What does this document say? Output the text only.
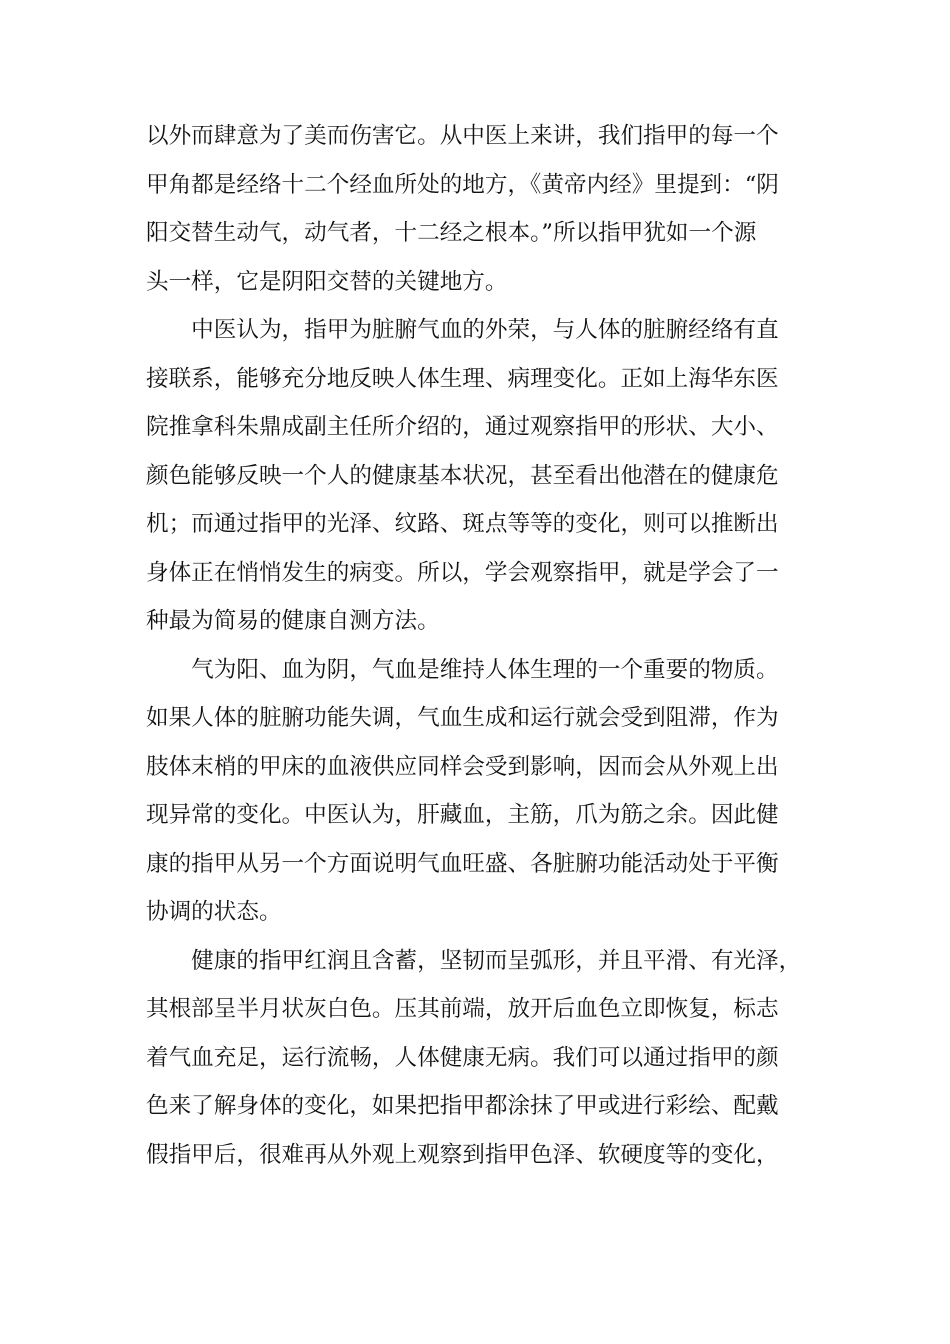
以外而肆意为了美而伤害它。从中医上来讲，我们指甲的每一个
甲角都是经络十二个经血所处的地方，《黄帝内经》里提到：“阴
阳交替生动气，动气者，十二经之根本。”所以指甲犹如一个源
头一样，它是阴阳交替的关键地方。
　　中医认为，指甲为脏腑气血的外荣，与人体的脏腑经络有直
接联系，能够充分地反映人体生理、病理变化。正如上海华东医
院推拿科朱鼎成副主任所介绍的，通过观察指甲的形状、大小、
颜色能够反映一个人的健康基本状况，甚至看出他潜在的健康危
机；而通过指甲的光泽、纹路、斑点等等的变化，则可以推断出
身体正在悄悄发生的病变。所以，学会观察指甲，就是学会了一
种最为简易的健康自测方法。
　　气为阳、血为阴，气血是维持人体生理的一个重要的物质。
如果人体的脏腑功能失调，气血生成和运行就会受到阻滞，作为
肢体末梢的甲床的血液供应同样会受到影响，因而会从外观上出
现异常的变化。中医认为，肝藏血，主筋，爪为筋之余。因此健
康的指甲从另一个方面说明气血旺盛、各脏腑功能活动处于平衡
协调的状态。
　　健康的指甲红润且含蓄，坚韧而呈弧形，并且平滑、有光泽，
其根部呈半月状灰白色。压其前端，放开后血色立即恢复，标志
着气血充足，运行流畅，人体健康无病。我们可以通过指甲的颜
色来了解身体的变化，如果把指甲都涂抹了甲或进行彩绘、配戴
假指甲后，很难再从外观上观察到指甲色泽、软硬度等的变化，
